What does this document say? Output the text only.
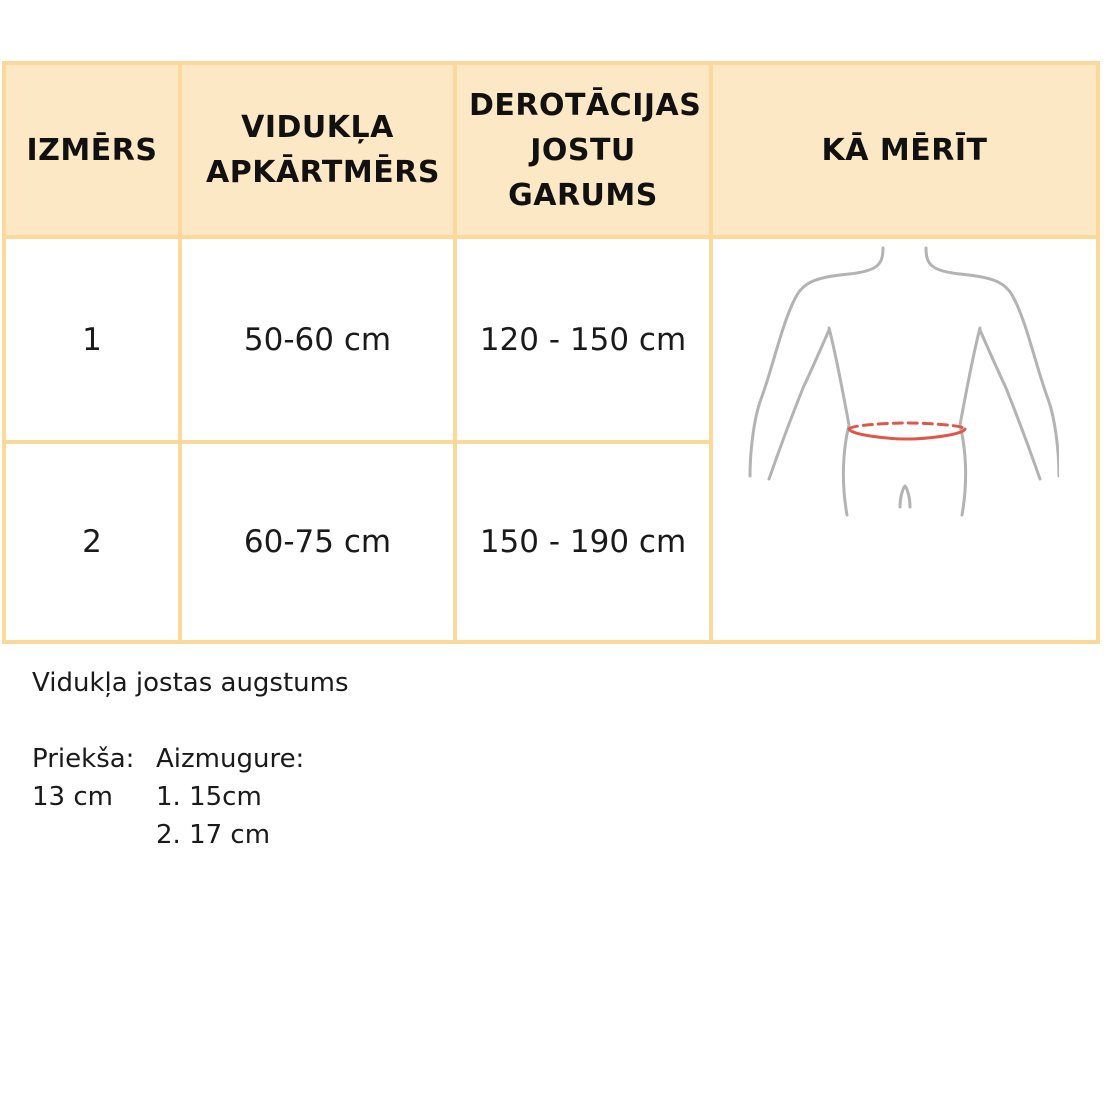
IZMĒRS	VIDUKĻA APKĀRTMĒRS	DEROTĀCIJAS JOSTU GARUMS	KĀ MĒRĪT

1	50-60 cm	120 - 150 cm	

2	60-75 cm	150 - 190 cm	
Vidukļa jostas augstums
Priekša:
13 cm
Aizmugure:
1. 15cm
2. 17 cm
